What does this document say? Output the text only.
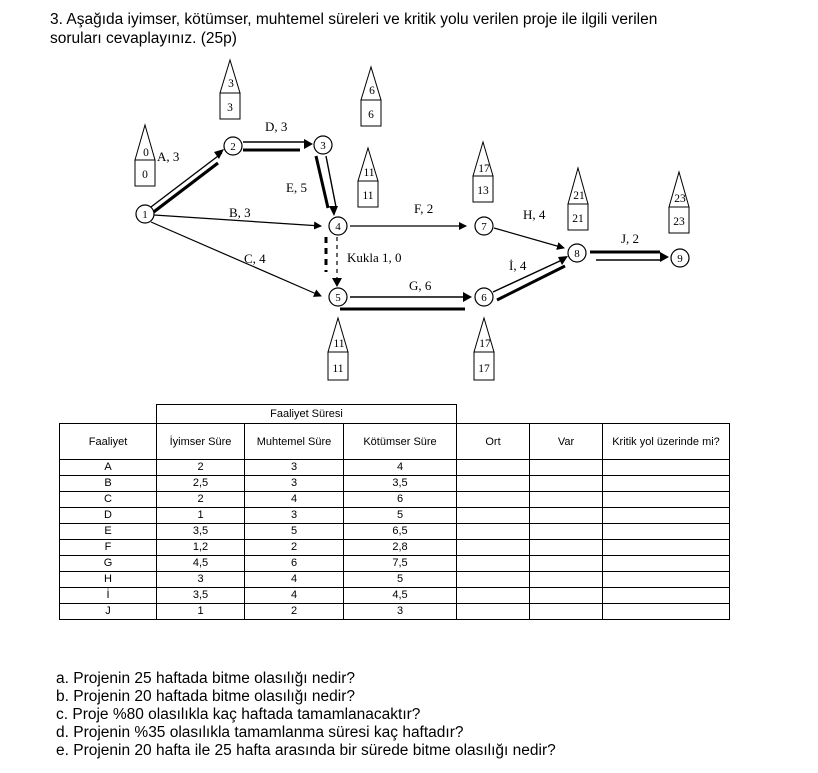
3. Aşağıda iyimser, kötümser, muhtemel süreleri ve kritik yolu verilen proje ile ilgili verilen
soruları cevaplayınız. (25p)
A, 3
D, 3
B, 3
C, 4
E, 5
Kukla 1, 0
F, 2
G, 6
H, 4
İ, 4
J, 2
1
2	3
4
5	6
7
8	9
0
0
3
3
6
6
11
11
11
11
17
17
17
13	21
21
23
23
	Faaliyet Süresi					
Faaliyet	İyimser Süre	Muhtemel Süre	Kötümser Süre	Ort	Var	Kritik yol üzerinde mi?
A	2	3	4			
B	2,5	3	3,5			
C	2	4	6			
D	1	3	5			
E	3,5	5	6,5			
F	1,2	2	2,8			
G	4,5	6	7,5			
H	3	4	5			
İ	3,5	4	4,5			
J	1	2	3			
a. Projenin 25 haftada bitme olasılığı nedir?
b. Projenin 20 haftada bitme olasılığı nedir?
c. Proje %80 olasılıkla kaç haftada tamamlanacaktır?
d. Projenin %35 olasılıkla tamamlanma süresi kaç haftadır?
e. Projenin 20 hafta ile 25 hafta arasında bir sürede bitme olasılığı nedir?
